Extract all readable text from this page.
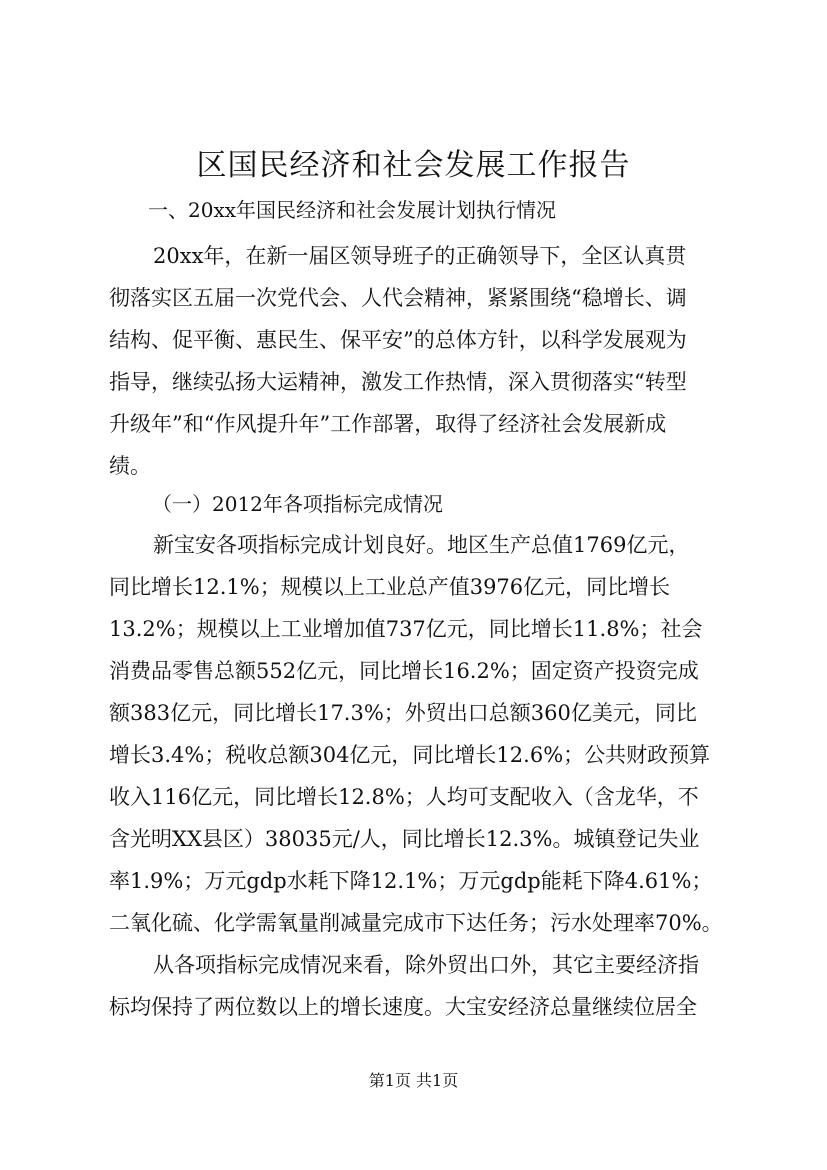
区国民经济和社会发展工作报告
一、20xx年国民经济和社会发展计划执行情况
20xx年，在新一届区领导班子的正确领导下，全区认真贯
彻落实区五届一次党代会、人代会精神，紧紧围绕“稳增长、调
结构、促平衡、惠民生、保平安”的总体方针，以科学发展观为
指导，继续弘扬大运精神，激发工作热情，深入贯彻落实“转型
升级年”和“作风提升年”工作部署，取得了经济社会发展新成
绩。
（一）2012年各项指标完成情况
新宝安各项指标完成计划良好。地区生产总值1769亿元，
同比增长12.1%；规模以上工业总产值3976亿元，同比增长
13.2%；规模以上工业增加值737亿元，同比增长11.8%；社会
消费品零售总额552亿元，同比增长16.2%；固定资产投资完成
额383亿元，同比增长17.3%；外贸出口总额360亿美元，同比
增长3.4%；税收总额304亿元，同比增长12.6%；公共财政预算
收入116亿元，同比增长12.8%；人均可支配收入（含龙华，不
含光明XX县区）38035元/人，同比增长12.3%。城镇登记失业
率1.9%；万元gdp水耗下降12.1%；万元gdp能耗下降4.61%；
二氧化硫、化学需氧量削减量完成市下达任务；污水处理率70%。
从各项指标完成情况来看，除外贸出口外，其它主要经济指
标均保持了两位数以上的增长速度。大宝安经济总量继续位居全
第1页 共1页
